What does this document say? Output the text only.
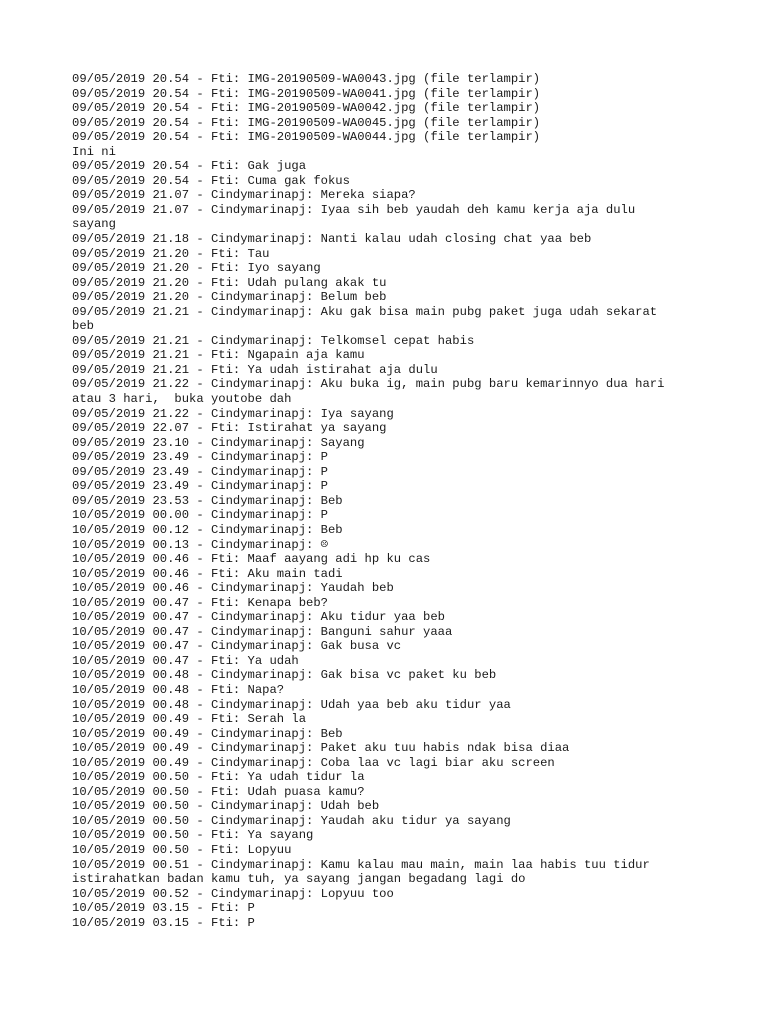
09/05/2019 20.54 - Fti: IMG-20190509-WA0043.jpg (file terlampir)
09/05/2019 20.54 - Fti: IMG-20190509-WA0041.jpg (file terlampir)
09/05/2019 20.54 - Fti: IMG-20190509-WA0042.jpg (file terlampir)
09/05/2019 20.54 - Fti: IMG-20190509-WA0045.jpg (file terlampir)
09/05/2019 20.54 - Fti: IMG-20190509-WA0044.jpg (file terlampir)
Ini ni
09/05/2019 20.54 - Fti: Gak juga
09/05/2019 20.54 - Fti: Cuma gak fokus
09/05/2019 21.07 - Cindymarinapj: Mereka siapa?
09/05/2019 21.07 - Cindymarinapj: Iyaa sih beb yaudah deh kamu kerja aja dulu
sayang
09/05/2019 21.18 - Cindymarinapj: Nanti kalau udah closing chat yaa beb
09/05/2019 21.20 - Fti: Tau
09/05/2019 21.20 - Fti: Iyo sayang
09/05/2019 21.20 - Fti: Udah pulang akak tu
09/05/2019 21.20 - Cindymarinapj: Belum beb
09/05/2019 21.21 - Cindymarinapj: Aku gak bisa main pubg paket juga udah sekarat
beb
09/05/2019 21.21 - Cindymarinapj: Telkomsel cepat habis
09/05/2019 21.21 - Fti: Ngapain aja kamu
09/05/2019 21.21 - Fti: Ya udah istirahat aja dulu
09/05/2019 21.22 - Cindymarinapj: Aku buka ig, main pubg baru kemarinnyo dua hari
atau 3 hari,  buka youtobe dah
09/05/2019 21.22 - Cindymarinapj: Iya sayang
09/05/2019 22.07 - Fti: Istirahat ya sayang
09/05/2019 23.10 - Cindymarinapj: Sayang
09/05/2019 23.49 - Cindymarinapj: P
09/05/2019 23.49 - Cindymarinapj: P
09/05/2019 23.49 - Cindymarinapj: P
09/05/2019 23.53 - Cindymarinapj: Beb
10/05/2019 00.00 - Cindymarinapj: P
10/05/2019 00.12 - Cindymarinapj: Beb
10/05/2019 00.13 - Cindymarinapj: ☹
10/05/2019 00.46 - Fti: Maaf aayang adi hp ku cas
10/05/2019 00.46 - Fti: Aku main tadi
10/05/2019 00.46 - Cindymarinapj: Yaudah beb
10/05/2019 00.47 - Fti: Kenapa beb?
10/05/2019 00.47 - Cindymarinapj: Aku tidur yaa beb
10/05/2019 00.47 - Cindymarinapj: Banguni sahur yaaa
10/05/2019 00.47 - Cindymarinapj: Gak busa vc
10/05/2019 00.47 - Fti: Ya udah
10/05/2019 00.48 - Cindymarinapj: Gak bisa vc paket ku beb
10/05/2019 00.48 - Fti: Napa?
10/05/2019 00.48 - Cindymarinapj: Udah yaa beb aku tidur yaa
10/05/2019 00.49 - Fti: Serah la
10/05/2019 00.49 - Cindymarinapj: Beb
10/05/2019 00.49 - Cindymarinapj: Paket aku tuu habis ndak bisa diaa
10/05/2019 00.49 - Cindymarinapj: Coba laa vc lagi biar aku screen
10/05/2019 00.50 - Fti: Ya udah tidur la
10/05/2019 00.50 - Fti: Udah puasa kamu?
10/05/2019 00.50 - Cindymarinapj: Udah beb
10/05/2019 00.50 - Cindymarinapj: Yaudah aku tidur ya sayang
10/05/2019 00.50 - Fti: Ya sayang
10/05/2019 00.50 - Fti: Lopyuu
10/05/2019 00.51 - Cindymarinapj: Kamu kalau mau main, main laa habis tuu tidur
istirahatkan badan kamu tuh, ya sayang jangan begadang lagi do
10/05/2019 00.52 - Cindymarinapj: Lopyuu too
10/05/2019 03.15 - Fti: P
10/05/2019 03.15 - Fti: P
